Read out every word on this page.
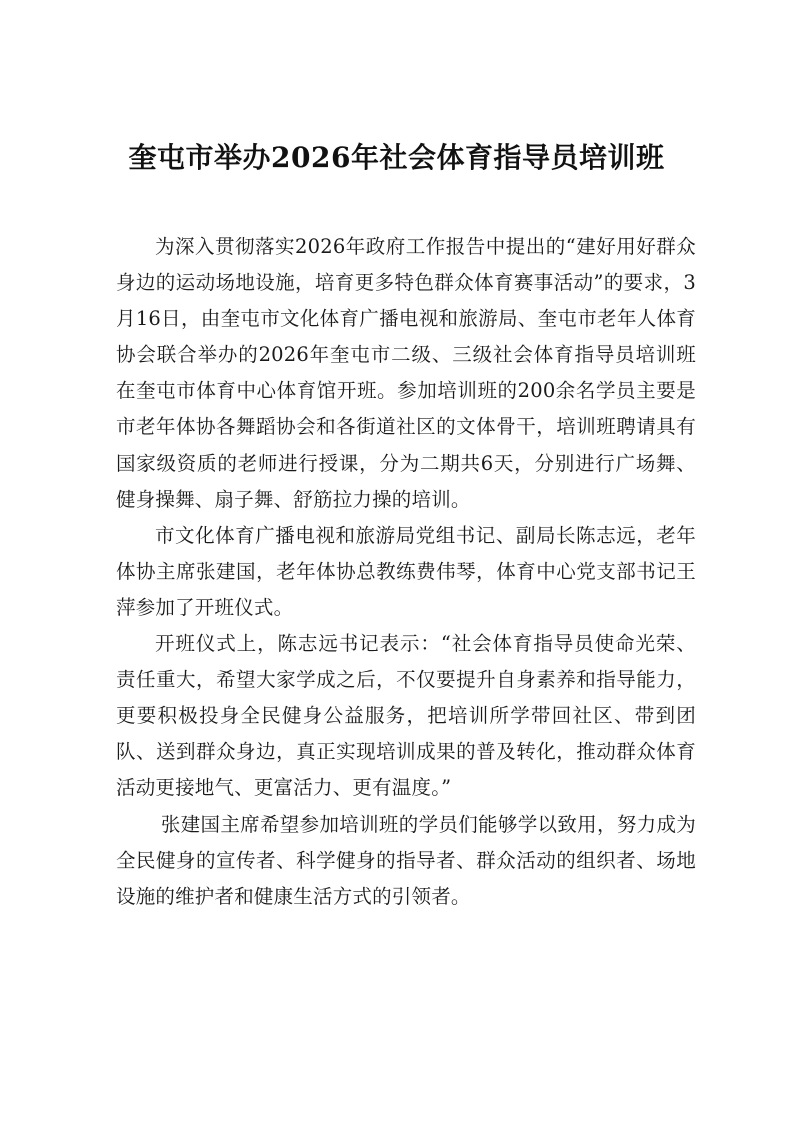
奎屯市举办2026年社会体育指导员培训班

为深入贯彻落实2026年政府工作报告中提出的“建好用好群众身边的运动场地设施，培育更多特色群众体育赛事活动”的要求，3月16日，由奎屯市文化体育广播电视和旅游局、奎屯市老年人体育协会联合举办的2026年奎屯市二级、三级社会体育指导员培训班在奎屯市体育中心体育馆开班。参加培训班的200余名学员主要是市老年体协各舞蹈协会和各街道社区的文体骨干，培训班聘请具有国家级资质的老师进行授课，分为二期共6天，分别进行广场舞、健身操舞、扇子舞、舒筋拉力操的培训。

市文化体育广播电视和旅游局党组书记、副局长陈志远，老年体协主席张建国，老年体协总教练费伟琴，体育中心党支部书记王萍参加了开班仪式。

开班仪式上，陈志远书记表示：“社会体育指导员使命光荣、责任重大，希望大家学成之后，不仅要提升自身素养和指导能力，更要积极投身全民健身公益服务，把培训所学带回社区、带到团队、送到群众身边，真正实现培训成果的普及转化，推动群众体育活动更接地气、更富活力、更有温度。”

张建国主席希望参加培训班的学员们能够学以致用，努力成为全民健身的宣传者、科学健身的指导者、群众活动的组织者、场地设施的维护者和健康生活方式的引领者。
